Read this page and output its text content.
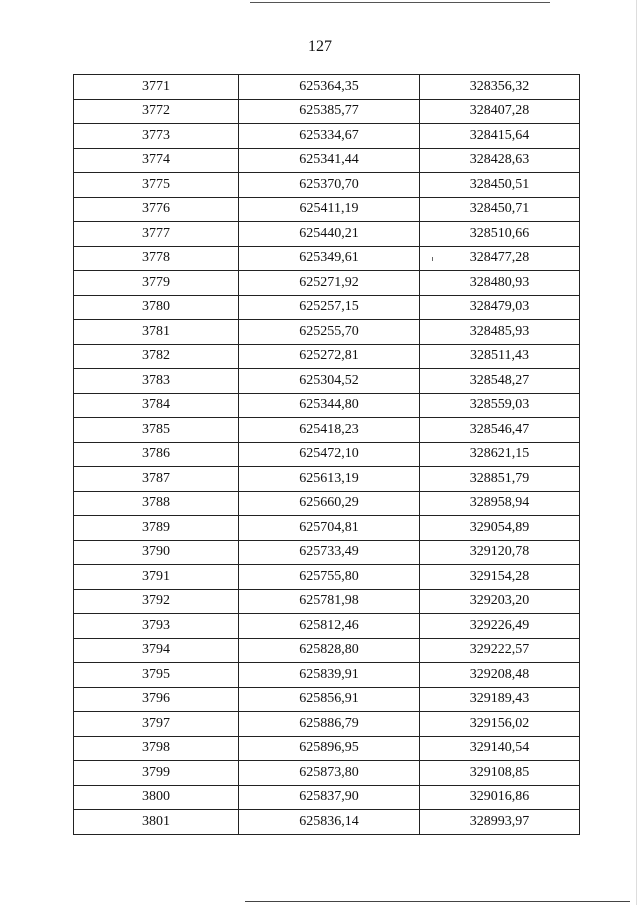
127
3771	625364,35	328356,32
3772	625385,77	328407,28
3773	625334,67	328415,64
3774	625341,44	328428,63
3775	625370,70	328450,51
3776	625411,19	328450,71
3777	625440,21	328510,66
3778	625349,61	328477,28
3779	625271,92	328480,93
3780	625257,15	328479,03
3781	625255,70	328485,93
3782	625272,81	328511,43
3783	625304,52	328548,27
3784	625344,80	328559,03
3785	625418,23	328546,47
3786	625472,10	328621,15
3787	625613,19	328851,79
3788	625660,29	328958,94
3789	625704,81	329054,89
3790	625733,49	329120,78
3791	625755,80	329154,28
3792	625781,98	329203,20
3793	625812,46	329226,49
3794	625828,80	329222,57
3795	625839,91	329208,48
3796	625856,91	329189,43
3797	625886,79	329156,02
3798	625896,95	329140,54
3799	625873,80	329108,85
3800	625837,90	329016,86
3801	625836,14	328993,97
